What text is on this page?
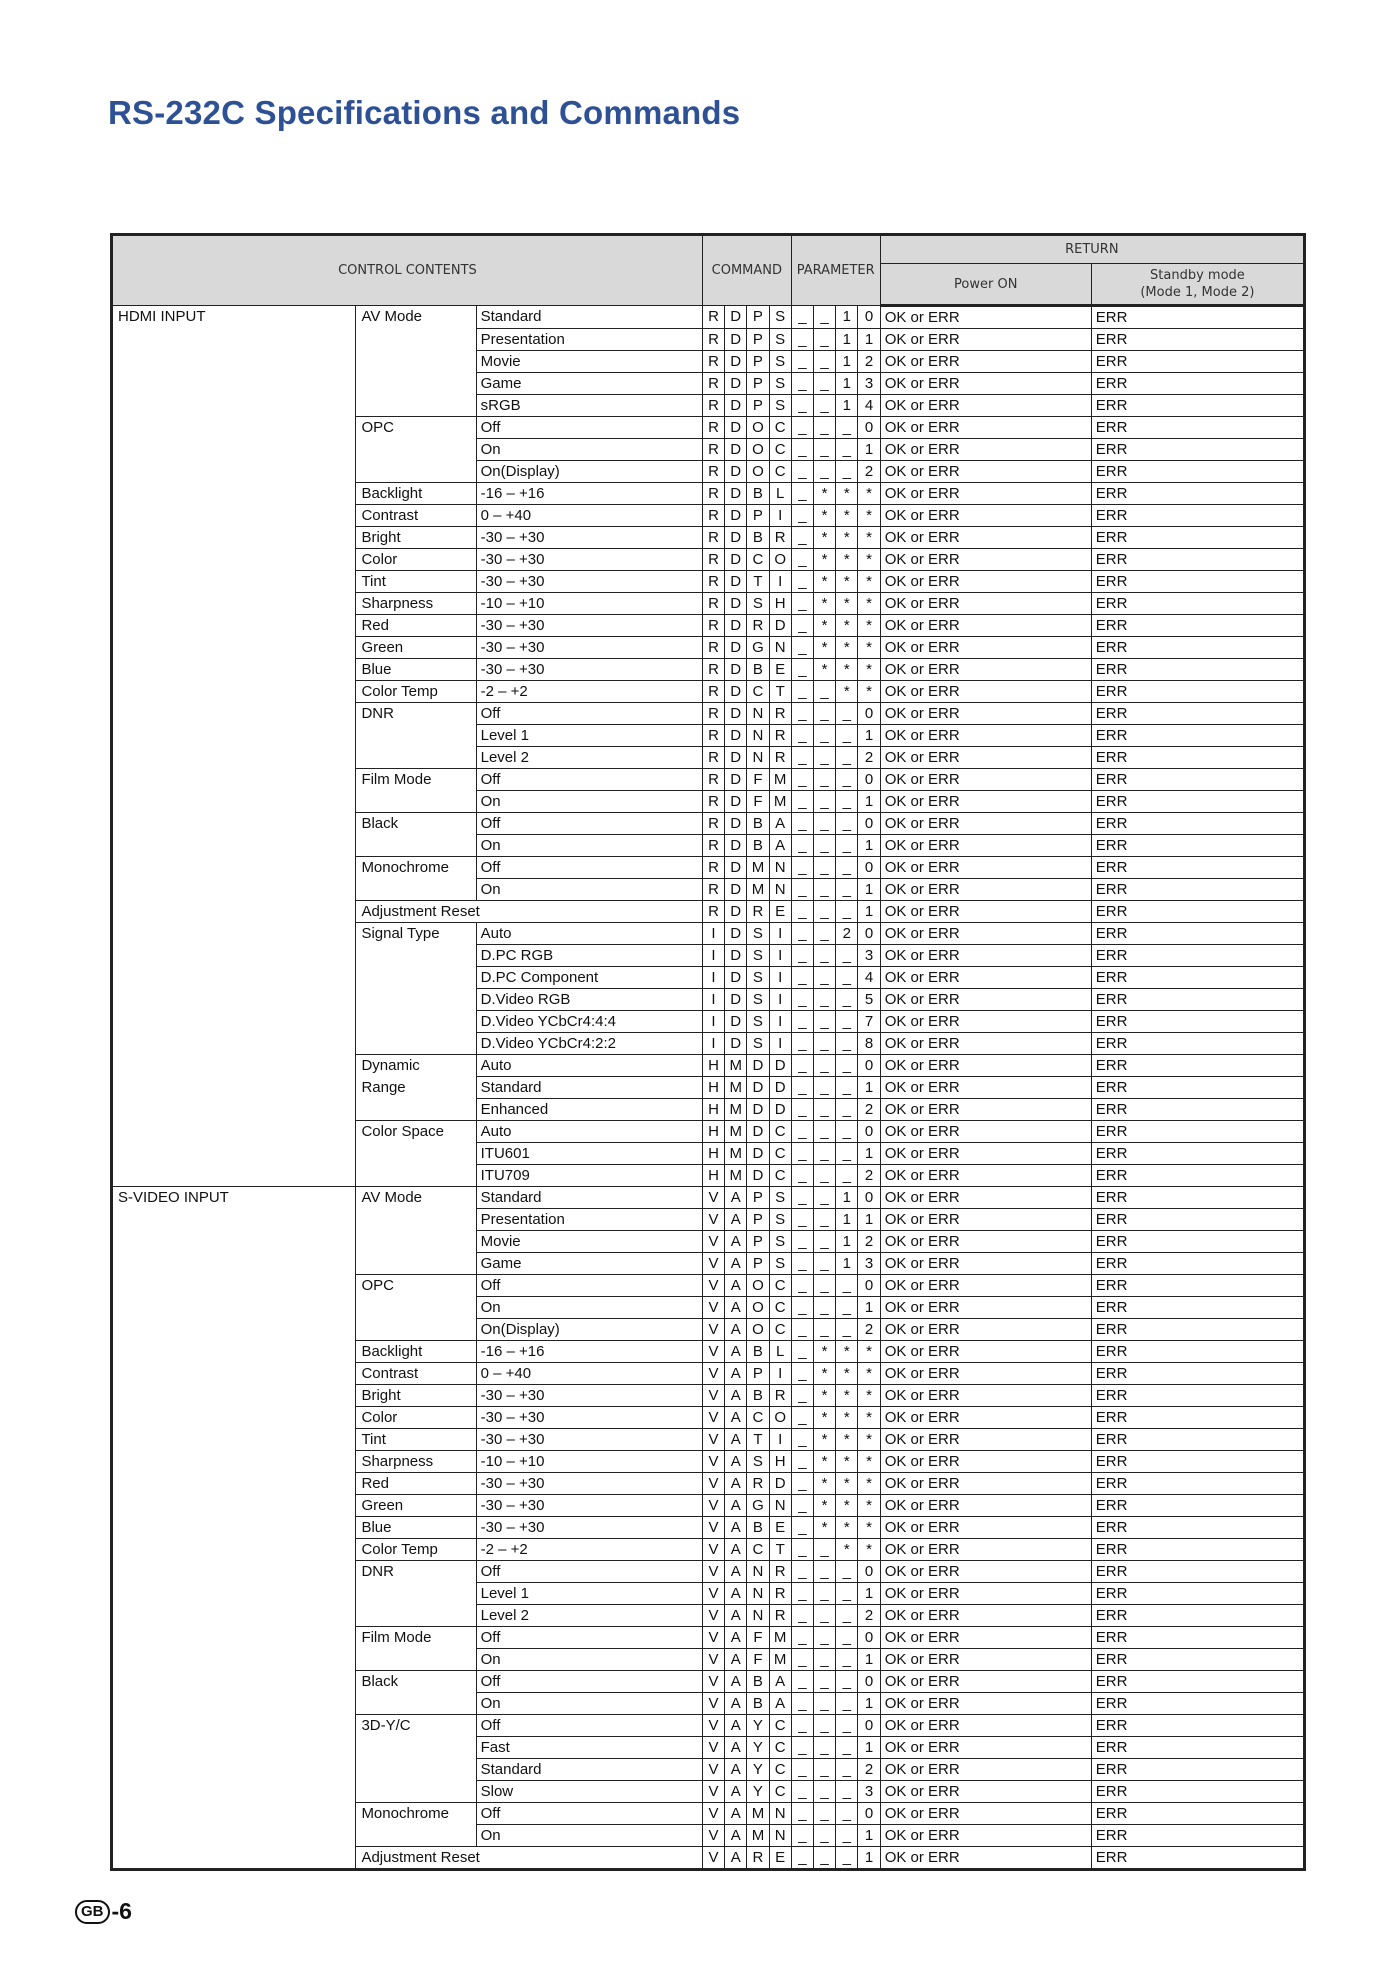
RS-232C Specifications and Commands
CONTROL CONTENTS			COMMAND				PARAMETER				RETURN	
											Power ON	Standby mode
(Mode 1, Mode 2)
HDMI INPUT	AV Mode	Standard	R	D	P	S	_	_	1	0	OK or ERR	ERR
		Presentation	R	D	P	S	_	_	1	1	OK or ERR	ERR
		Movie	R	D	P	S	_	_	1	2	OK or ERR	ERR
		Game	R	D	P	S	_	_	1	3	OK or ERR	ERR
		sRGB	R	D	P	S	_	_	1	4	OK or ERR	ERR
	OPC	Off	R	D	O	C	_	_	_	0	OK or ERR	ERR
		On	R	D	O	C	_	_	_	1	OK or ERR	ERR
		On(Display)	R	D	O	C	_	_	_	2	OK or ERR	ERR
	Backlight	-16 – +16	R	D	B	L	_	*	*	*	OK or ERR	ERR
	Contrast	0 – +40	R	D	P	I	_	*	*	*	OK or ERR	ERR
	Bright	-30 – +30	R	D	B	R	_	*	*	*	OK or ERR	ERR
	Color	-30 – +30	R	D	C	O	_	*	*	*	OK or ERR	ERR
	Tint	-30 – +30	R	D	T	I	_	*	*	*	OK or ERR	ERR
	Sharpness	-10 – +10	R	D	S	H	_	*	*	*	OK or ERR	ERR
	Red	-30 – +30	R	D	R	D	_	*	*	*	OK or ERR	ERR
	Green	-30 – +30	R	D	G	N	_	*	*	*	OK or ERR	ERR
	Blue	-30 – +30	R	D	B	E	_	*	*	*	OK or ERR	ERR
	Color Temp	-2 – +2	R	D	C	T	_	_	*	*	OK or ERR	ERR
	DNR	Off	R	D	N	R	_	_	_	0	OK or ERR	ERR
		Level 1	R	D	N	R	_	_	_	1	OK or ERR	ERR
		Level 2	R	D	N	R	_	_	_	2	OK or ERR	ERR
	Film Mode	Off	R	D	F	M	_	_	_	0	OK or ERR	ERR
		On	R	D	F	M	_	_	_	1	OK or ERR	ERR
	Black	Off	R	D	B	A	_	_	_	0	OK or ERR	ERR
		On	R	D	B	A	_	_	_	1	OK or ERR	ERR
	Monochrome	Off	R	D	M	N	_	_	_	0	OK or ERR	ERR
		On	R	D	M	N	_	_	_	1	OK or ERR	ERR
	Adjustment Reset		R	D	R	E	_	_	_	1	OK or ERR	ERR
	Signal Type	Auto	I	D	S	I	_	_	2	0	OK or ERR	ERR
		D.PC RGB	I	D	S	I	_	_	_	3	OK or ERR	ERR
		D.PC Component	I	D	S	I	_	_	_	4	OK or ERR	ERR
		D.Video RGB	I	D	S	I	_	_	_	5	OK or ERR	ERR
		D.Video YCbCr4:4:4	I	D	S	I	_	_	_	7	OK or ERR	ERR
		D.Video YCbCr4:2:2	I	D	S	I	_	_	_	8	OK or ERR	ERR
	Dynamic	Auto	H	M	D	D	_	_	_	0	OK or ERR	ERR
	Range	Standard	H	M	D	D	_	_	_	1	OK or ERR	ERR
		Enhanced	H	M	D	D	_	_	_	2	OK or ERR	ERR
	Color Space	Auto	H	M	D	C	_	_	_	0	OK or ERR	ERR
		ITU601	H	M	D	C	_	_	_	1	OK or ERR	ERR
		ITU709	H	M	D	C	_	_	_	2	OK or ERR	ERR
S-VIDEO INPUT	AV Mode	Standard	V	A	P	S	_	_	1	0	OK or ERR	ERR
		Presentation	V	A	P	S	_	_	1	1	OK or ERR	ERR
		Movie	V	A	P	S	_	_	1	2	OK or ERR	ERR
		Game	V	A	P	S	_	_	1	3	OK or ERR	ERR
	OPC	Off	V	A	O	C	_	_	_	0	OK or ERR	ERR
		On	V	A	O	C	_	_	_	1	OK or ERR	ERR
		On(Display)	V	A	O	C	_	_	_	2	OK or ERR	ERR
	Backlight	-16 – +16	V	A	B	L	_	*	*	*	OK or ERR	ERR
	Contrast	0 – +40	V	A	P	I	_	*	*	*	OK or ERR	ERR
	Bright	-30 – +30	V	A	B	R	_	*	*	*	OK or ERR	ERR
	Color	-30 – +30	V	A	C	O	_	*	*	*	OK or ERR	ERR
	Tint	-30 – +30	V	A	T	I	_	*	*	*	OK or ERR	ERR
	Sharpness	-10 – +10	V	A	S	H	_	*	*	*	OK or ERR	ERR
	Red	-30 – +30	V	A	R	D	_	*	*	*	OK or ERR	ERR
	Green	-30 – +30	V	A	G	N	_	*	*	*	OK or ERR	ERR
	Blue	-30 – +30	V	A	B	E	_	*	*	*	OK or ERR	ERR
	Color Temp	-2 – +2	V	A	C	T	_	_	*	*	OK or ERR	ERR
	DNR	Off	V	A	N	R	_	_	_	0	OK or ERR	ERR
		Level 1	V	A	N	R	_	_	_	1	OK or ERR	ERR
		Level 2	V	A	N	R	_	_	_	2	OK or ERR	ERR
	Film Mode	Off	V	A	F	M	_	_	_	0	OK or ERR	ERR
		On	V	A	F	M	_	_	_	1	OK or ERR	ERR
	Black	Off	V	A	B	A	_	_	_	0	OK or ERR	ERR
		On	V	A	B	A	_	_	_	1	OK or ERR	ERR
	3D-Y/C	Off	V	A	Y	C	_	_	_	0	OK or ERR	ERR
		Fast	V	A	Y	C	_	_	_	1	OK or ERR	ERR
		Standard	V	A	Y	C	_	_	_	2	OK or ERR	ERR
		Slow	V	A	Y	C	_	_	_	3	OK or ERR	ERR
	Monochrome	Off	V	A	M	N	_	_	_	0	OK or ERR	ERR
		On	V	A	M	N	_	_	_	1	OK or ERR	ERR
	Adjustment Reset		V	A	R	E	_	_	_	1	OK or ERR	ERR
GB -6
